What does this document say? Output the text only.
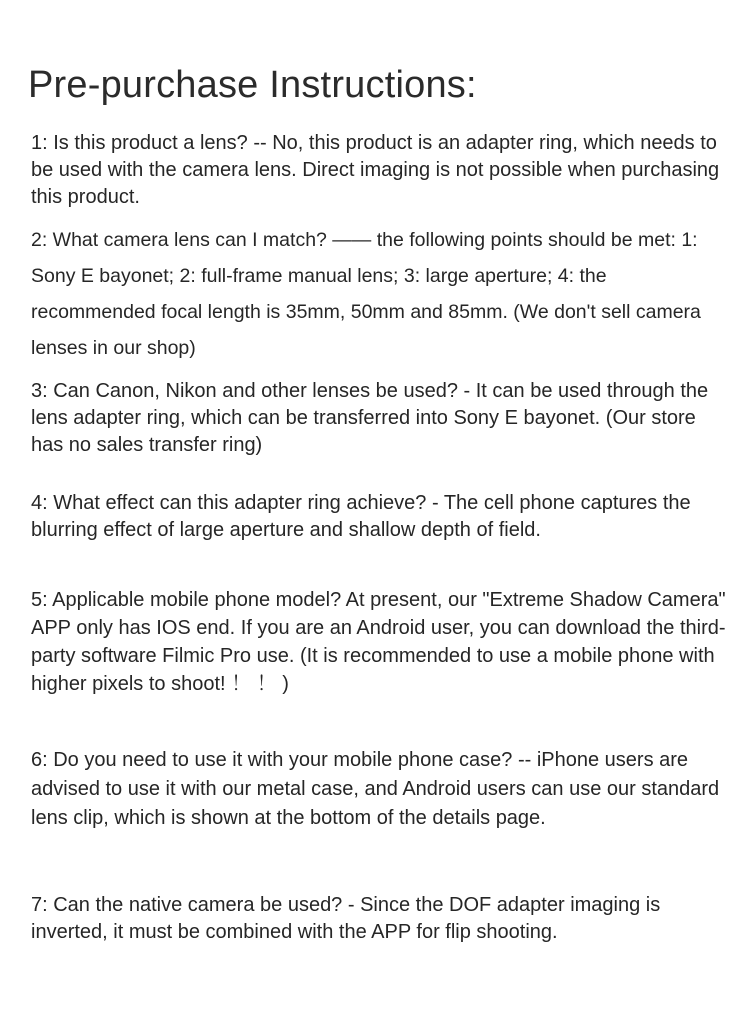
Pre-purchase Instructions:

1: Is this product a lens? -- No, this product is an adapter ring, which needs to be used with the camera lens. Direct imaging is not possible when purchasing this product.

2: What camera lens can I match? —— the following points should be met: 1: Sony E bayonet; 2: full-frame manual lens; 3: large aperture; 4: the recommended focal length is 35mm, 50mm and 85mm. (We don't sell camera lenses in our shop)

3: Can Canon, Nikon and other lenses be used? - It can be used through the lens adapter ring, which can be transferred into Sony E bayonet. (Our store has no sales transfer ring)

4: What effect can this adapter ring achieve? - The cell phone captures the blurring effect of large aperture and shallow depth of field.

5: Applicable mobile phone model? At present, our "Extreme Shadow Camera" APP only has IOS end. If you are an Android user, you can download the third-party software Filmic Pro use. (It is recommended to use a mobile phone with higher pixels to shoot! ！ ！ )

6: Do you need to use it with your mobile phone case? -- iPhone users are advised to use it with our metal case, and Android users can use our standard lens clip, which is shown at the bottom of the details page.

7: Can the native camera be used? - Since the DOF adapter imaging is inverted, it must be combined with the APP for flip shooting.
